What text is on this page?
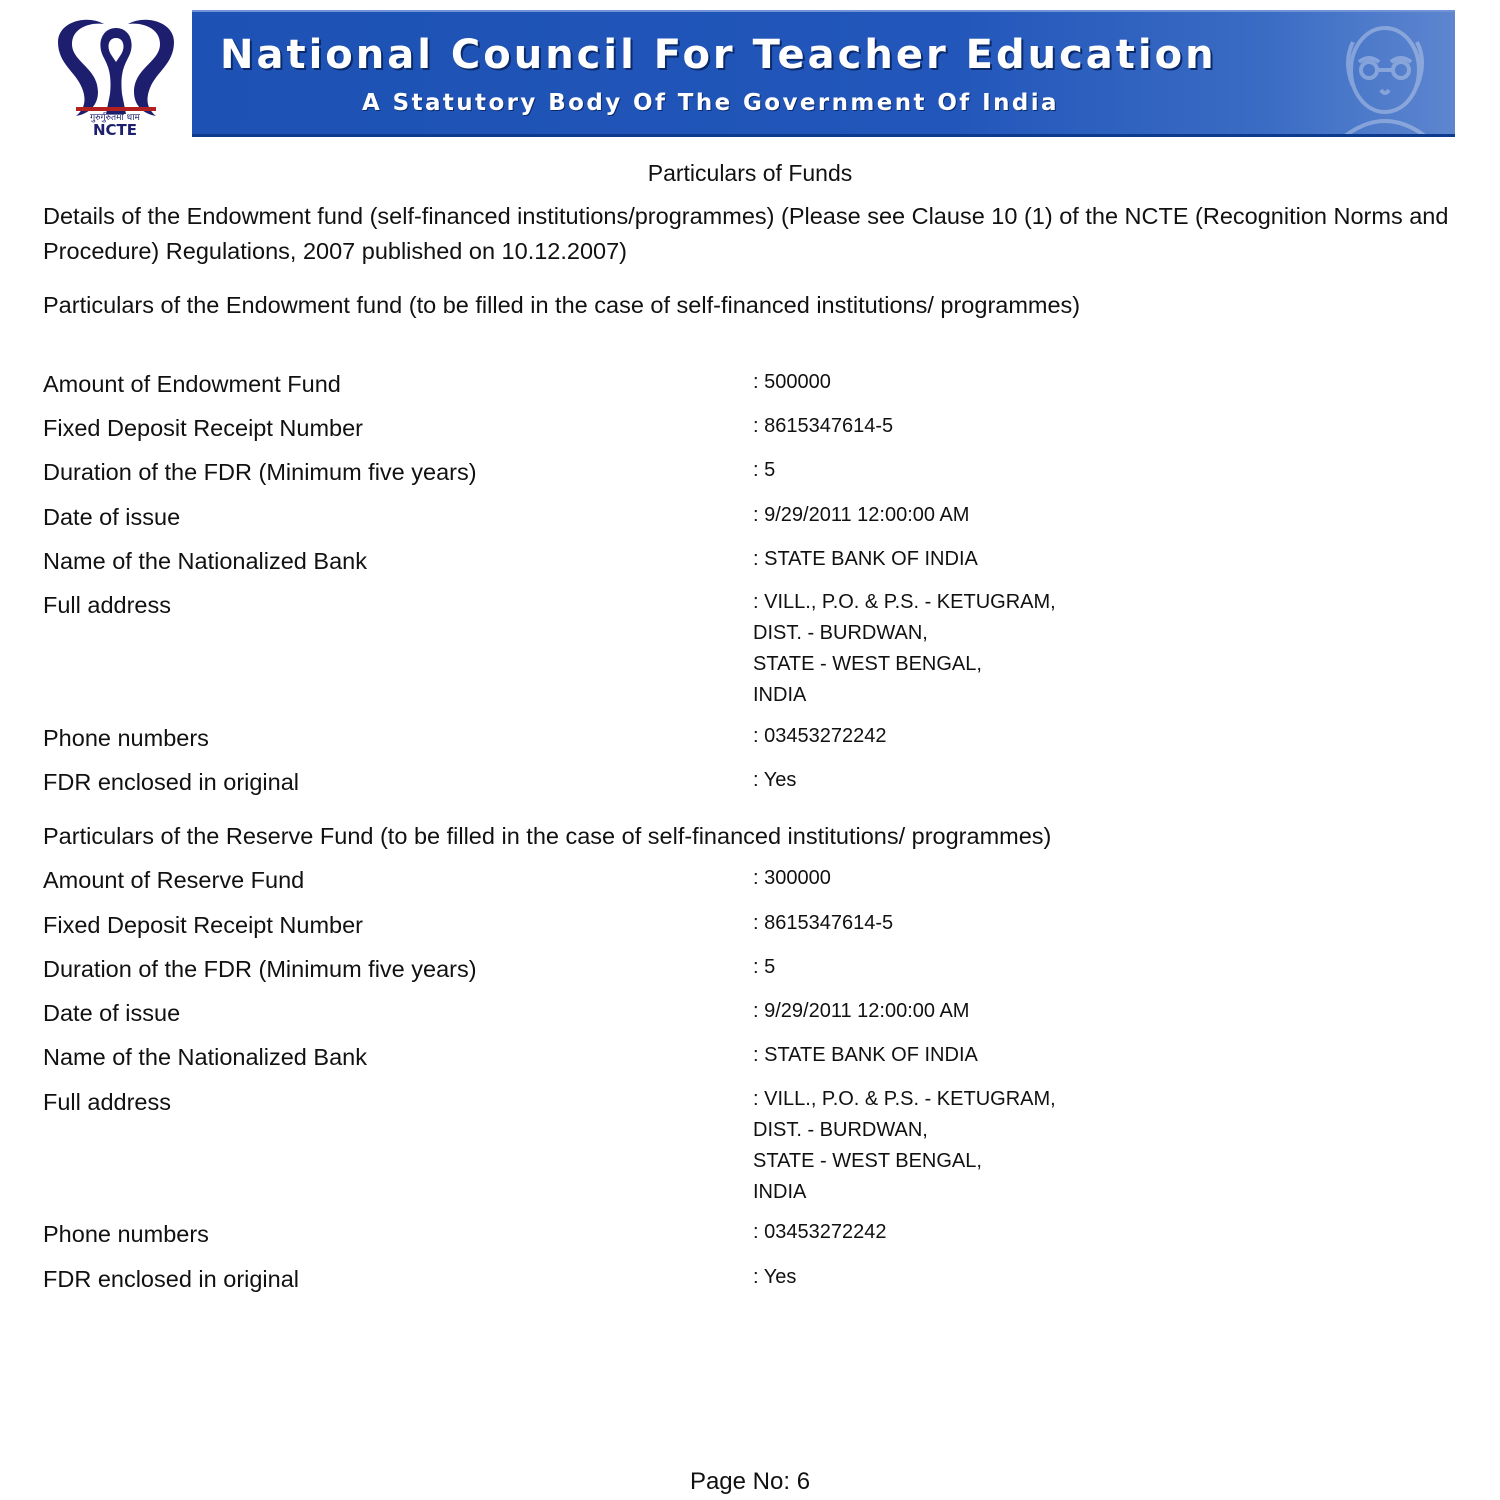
गुरुर्गुरुतमो धाम
NCTE
National Council For Teacher Education
A Statutory Body Of The Government Of India
Particulars of Funds
Details of the Endowment fund (self-financed institutions/programmes) (Please see Clause 10 (1) of the NCTE (Recognition Norms and Procedure) Regulations, 2007 published on 10.12.2007)
Particulars of the Endowment fund (to be filled in the case of self-financed institutions/ programmes)
Amount of Endowment Fund	: 500000
Fixed Deposit Receipt Number	: 8615347614-5
Duration of the FDR (Minimum five years)	: 5
Date of issue	: 9/29/2011 12:00:00 AM
Name of the Nationalized Bank	: STATE BANK OF INDIA
Full address	: VILL., P.O. & P.S. - KETUGRAM,
DIST. - BURDWAN,
STATE - WEST BENGAL,
INDIA
Phone numbers	: 03453272242
FDR enclosed in original	: Yes
Particulars of the Reserve Fund (to be filled in the case of self-financed institutions/ programmes)
Amount of Reserve Fund	: 300000
Fixed Deposit Receipt Number	: 8615347614-5
Duration of the FDR (Minimum five years)	: 5
Date of issue	: 9/29/2011 12:00:00 AM
Name of the Nationalized Bank	: STATE BANK OF INDIA
Full address	: VILL., P.O. & P.S. - KETUGRAM,
DIST. - BURDWAN,
STATE - WEST BENGAL,
INDIA
Phone numbers	: 03453272242
FDR enclosed in original	: Yes
Page No: 6
